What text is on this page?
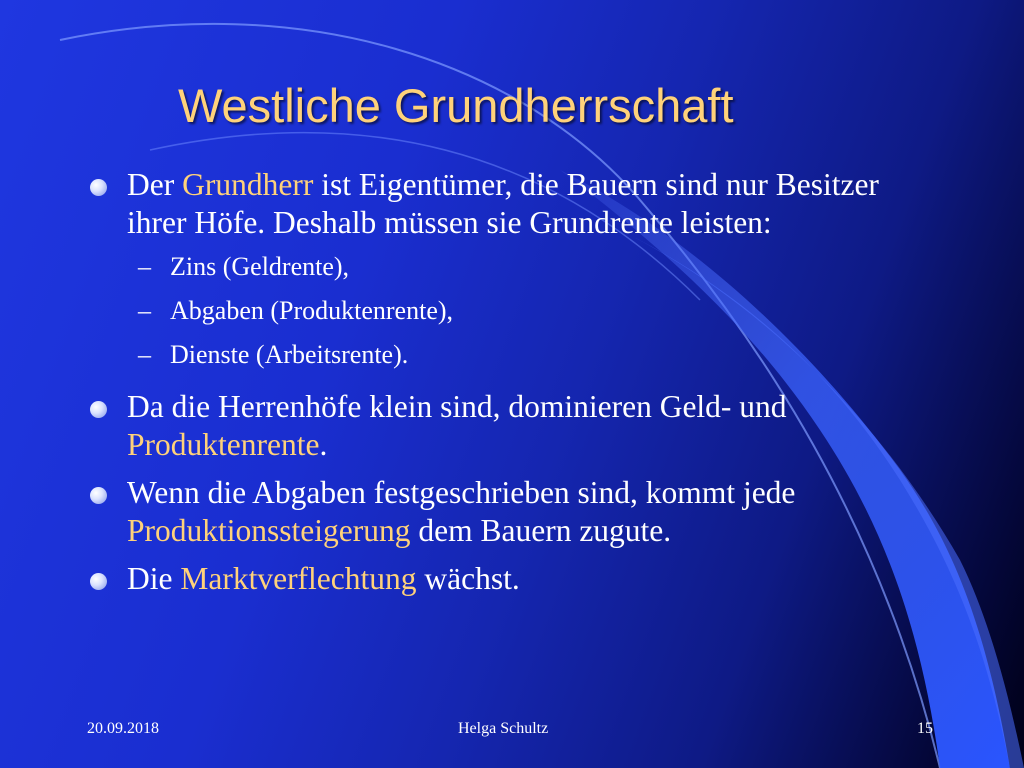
Westliche Grundherrschaft
Der Grundherr ist Eigentümer, die Bauern sind nur Besitzer ihrer Höfe. Deshalb müssen sie Grundrente leisten:
– Zins (Geldrente),
– Abgaben (Produktenrente),
– Dienste (Arbeitsrente).
Da die Herrenhöfe klein sind, dominieren Geld- und Produktenrente.
Wenn die Abgaben festgeschrieben sind, kommt jede Produktionssteigerung dem Bauern zugute.
Die Marktverflechtung wächst.
20.09.2018	Helga Schultz	15
